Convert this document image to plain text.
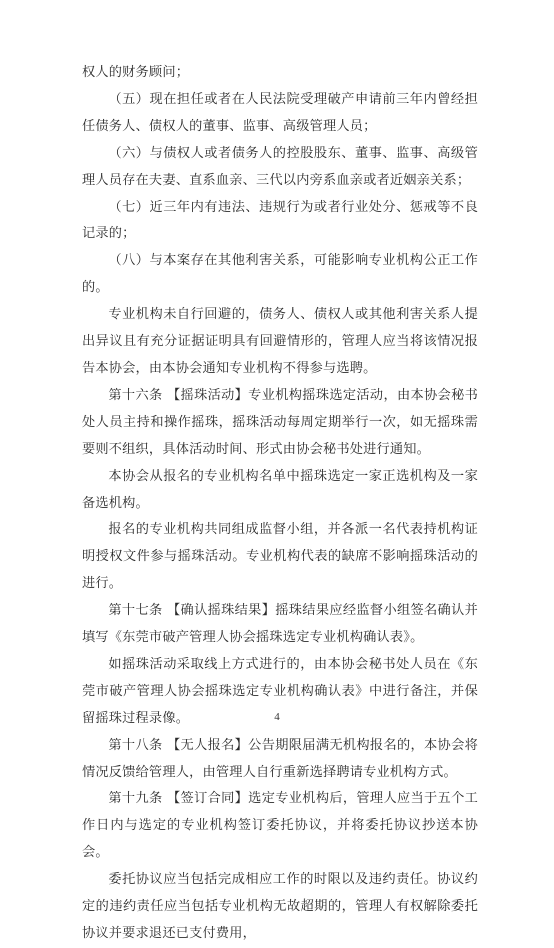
权人的财务顾问；

（五）现在担任或者在人民法院受理破产申请前三年内曾经担任债务人、债权人的董事、监事、高级管理人员；

（六）与债权人或者债务人的控股股东、董事、监事、高级管理人员存在夫妻、直系血亲、三代以内旁系血亲或者近姻亲关系；

（七）近三年内有违法、违规行为或者行业处分、惩戒等不良记录的；

（八）与本案存在其他利害关系，可能影响专业机构公正工作的。

专业机构未自行回避的，债务人、债权人或其他利害关系人提出异议且有充分证据证明具有回避情形的，管理人应当将该情况报告本协会，由本协会通知专业机构不得参与选聘。

第十六条 【摇珠活动】专业机构摇珠选定活动，由本协会秘书处人员主持和操作摇珠，摇珠活动每周定期举行一次，如无摇珠需要则不组织，具体活动时间、形式由协会秘书处进行通知。

本协会从报名的专业机构名单中摇珠选定一家正选机构及一家备选机构。

报名的专业机构共同组成监督小组，并各派一名代表持机构证明授权文件参与摇珠活动。专业机构代表的缺席不影响摇珠活动的进行。

第十七条 【确认摇珠结果】摇珠结果应经监督小组签名确认并填写《东莞市破产管理人协会摇珠选定专业机构确认表》。

如摇珠活动采取线上方式进行的，由本协会秘书处人员在《东莞市破产管理人协会摇珠选定专业机构确认表》中进行备注，并保留摇珠过程录像。

第十八条 【无人报名】公告期限届满无机构报名的，本协会将情况反馈给管理人，由管理人自行重新选择聘请专业机构方式。

第十九条 【签订合同】选定专业机构后，管理人应当于五个工作日内与选定的专业机构签订委托协议，并将委托协议抄送本协会。

委托协议应当包括完成相应工作的时限以及违约责任。协议约定的违约责任应当包括专业机构无故超期的，管理人有权解除委托协议并要求退还已支付费用，

4
